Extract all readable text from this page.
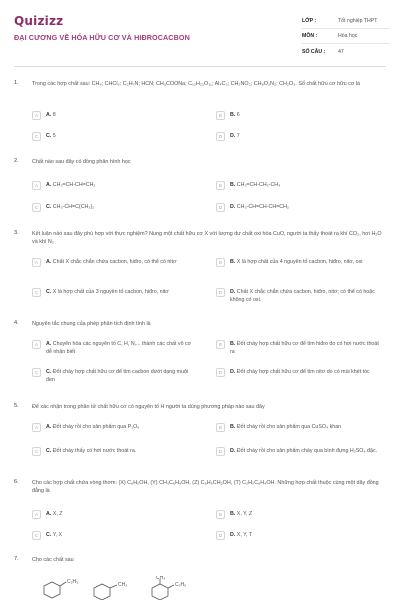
Quizizz
ĐẠI CƯƠNG VỀ HÓA HỮU CƠ VÀ HIĐROCACBON
LỚP :	Tốt nghiệp THPT
MÔN :	Hóa học
SỐ CÂU :	47
1. Trong các hợp chất sau: CH₄; CHCl₃; C₂H₇N; HCN; CH₃COONa; C₁₂H₂₂O₁₁; Al₄C₃; CH₂NO₂; CH₈O₃N₂; CH₂O₃. Số chất hữu cơ hữu cơ là
A	A. 8	B	B. 6
C	C. 5	D	D. 7
2. Chất nào sau đây có đồng phân hình học
A	A. CH₂=CH-CH=CH₂	B	B. CH₂=CH-CH₂-CH₃
C	C. CH₃-CH=C(CH₃)₂	D	D. CH₃-CH=CH-CH=CH₂
3. Kết luận nào sau đây phù hợp với thực nghiệm? Nung một chất hữu cơ X với lượng dư chất oxi hóa CuO, người ta thấy thoát ra khí CO₂, hơi H₂O và khí N₂
A	A. Chất X chắc chắn chứa cacbon, hiđro, có thể có nitơ	B	B. X là hợp chất của 4 nguyên tố cacbon, hiđro, nitơ, oxi
C	C. X là hợp chất của 3 nguyên tố cacbon, hiđro, nitơ	D	D. Chất X chắc chắn chứa cacbon, hiđro, nitơ; có thể có hoặc không có oxi.
4. Nguyên tắc chung của phép phân tích định tính là
A	A. Chuyển hóa các nguyên tố C, H, N,... thành các chất vô cơ dễ nhận biết
B	B. Đốt cháy hợp chất hữu cơ để tìm hiđro do có hơi nước thoát ra
C	C. Đốt cháy hợp chất hữu cơ để tìm cacbon dưới dạng muội đen
D	D. Đốt cháy hợp chất hữu cơ để tìm nitơ do có mùi khét tóc
5. Để xác nhận trong phân tử chất hữu cơ có nguyên tố H người ta dùng phương pháp nào sau đây
A	A. Đốt cháy rồi cho sản phẩm qua P₂O₅	B	B. Đốt cháy rồi cho sản phẩm qua CuSO₄ khan
C	C. Đốt cháy thấy có hơi nước thoát ra.	D	D. Đốt cháy rồi cho sản phẩm cháy qua bình đựng H₂SO₄ đặc.
6. Cho các hợp chất chứa vòng thơm: (X) C₆H₅OH, (Y) CH₃C₆H₄OH, (Z) C₆H₅CH₂OH, (T) C₂H₅C₆H₄OH. Những hợp chất thuộc cùng một dãy đồng đẳng là
A	A. X, Z	B	B. X, Y, Z
C	C. Y, X	D	D. X, Y, T
7. Cho các chất sau
C₂H₅	CH₃
CH₃
C₂H₅
